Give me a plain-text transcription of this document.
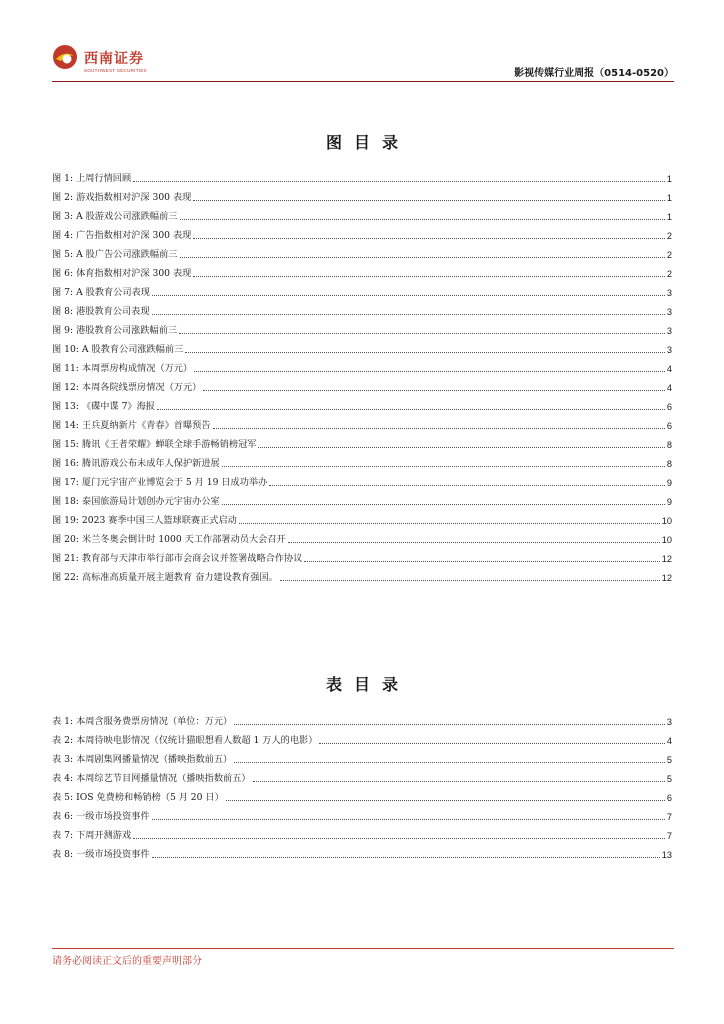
西南证券
SOUTHWEST SECURITIES	影视传媒行业周报（0514-0520）
图目录
图 1: 上周行情回顾	1
图 2: 游戏指数相对沪深 300 表现	1
图 3: A 股游戏公司涨跌幅前三	1
图 4: 广告指数相对沪深 300 表现	2
图 5: A 股广告公司涨跌幅前三	2
图 6: 体育指数相对沪深 300 表现	2
图 7: A 股教育公司表现	3
图 8: 港股教育公司表现	3
图 9: 港股教育公司涨跌幅前三	3
图 10: A 股教育公司涨跌幅前三	3
图 11: 本周票房构成情况（万元）	4
图 12: 本周各院线票房情况（万元）	4
图 13: 《碟中谍 7》海报	6
图 14: 王兵夏纳新片《青春》首曝预告	6
图 15: 腾讯《王者荣耀》蝉联全球手游畅销榜冠军	8
图 16: 腾讯游戏公布未成年人保护新进展	8
图 17: 厦门元宇宙产业博览会于 5 月 19 日成功举办	9
图 18: 泰国旅游局计划创办元宇宙办公室	9
图 19: 2023 赛季中国三人篮球联赛正式启动	10
图 20: 米兰冬奥会倒计时 1000 天工作部署动员大会召开	10
图 21: 教育部与天津市举行部市会商会议并签署战略合作协议	12
图 22: 高标准高质量开展主题教育 奋力建设教育强国。	12
表目录
表 1: 本周含服务费票房情况（单位：万元）	3
表 2: 本周待映电影情况（仅统计猫眼想看人数超 1 万人的电影）	4
表 3: 本周剧集网播量情况（播映指数前五）	5
表 4: 本周综艺节目网播量情况（播映指数前五）	5
表 5: IOS 免费榜和畅销榜（5 月 20 日）	6
表 6: 一级市场投资事件	7
表 7: 下周开测游戏	7
表 8: 一级市场投资事件	13
请务必阅读正文后的重要声明部分
